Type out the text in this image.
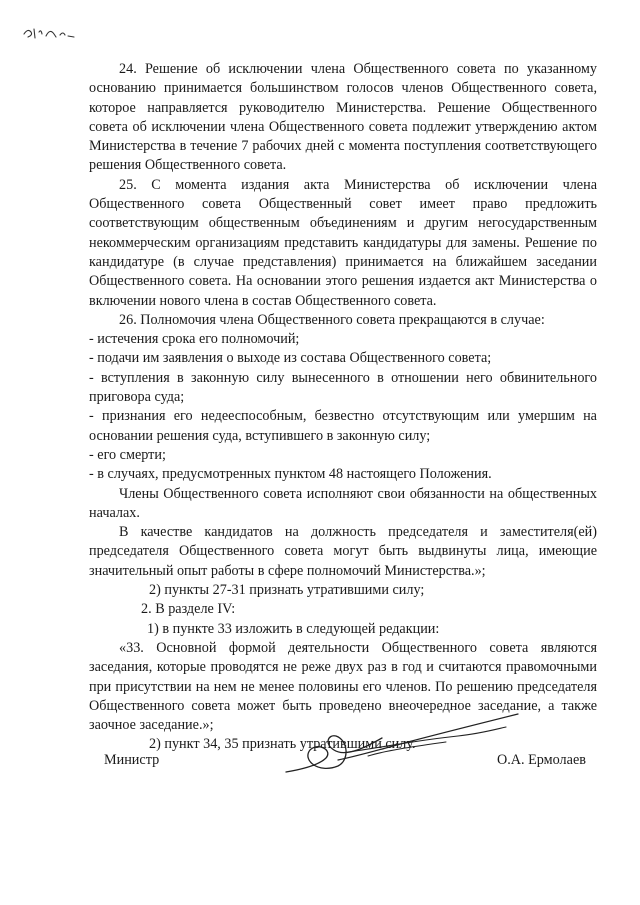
24. Решение об исключении члена Общественного совета по указанному основанию принимается большинством голосов членов Общественного совета, которое направляется руководителю Министерства. Решение Общественного совета об исключении члена Общественного совета подлежит утверждению актом Министерства в течение 7 рабочих дней с момента поступления соответствующего решения Общественного совета.

25. С момента издания акта Министерства об исключении члена Общественного совета Общественный совет имеет право предложить соответствующим общественным объединениям и другим негосударственным некоммерческим организациям представить кандидатуры для замены. Решение по кандидатуре (в случае представления) принимается на ближайшем заседании Общественного совета. На основании этого решения издается акт Министерства о включении нового члена в состав Общественного совета.

26. Полномочия члена Общественного совета прекращаются в случае:

- истечения срока его полномочий;

- подачи им заявления о выходе из состава Общественного совета;

- вступления в законную силу вынесенного в отношении него обвинительного приговора суда;

- признания его недееспособным, безвестно отсутствующим или умершим на основании решения суда, вступившего в законную силу;

- его смерти;

- в случаях, предусмотренных пунктом 48 настоящего Положения.

Члены Общественного совета исполняют свои обязанности на общественных началах.

В качестве кандидатов на должность председателя и заместителя(ей) председателя Общественного совета могут быть выдвинуты лица, имеющие значительный опыт работы в сфере полномочий Министерства.»;

2) пункты 27-31 признать утратившими силу;

2. В разделе IV:

1) в пункте 33 изложить в следующей редакции:

«33. Основной формой деятельности Общественного совета являются заседания, которые проводятся не реже двух раз в год и считаются правомочными при присутствии на нем не менее половины его членов. По решению председателя Общественного совета может быть проведено внеочередное заседание, а также заочное заседание.»;

2) пункт 34, 35 признать утратившими силу.

Министр	О.А. Ермолаев
